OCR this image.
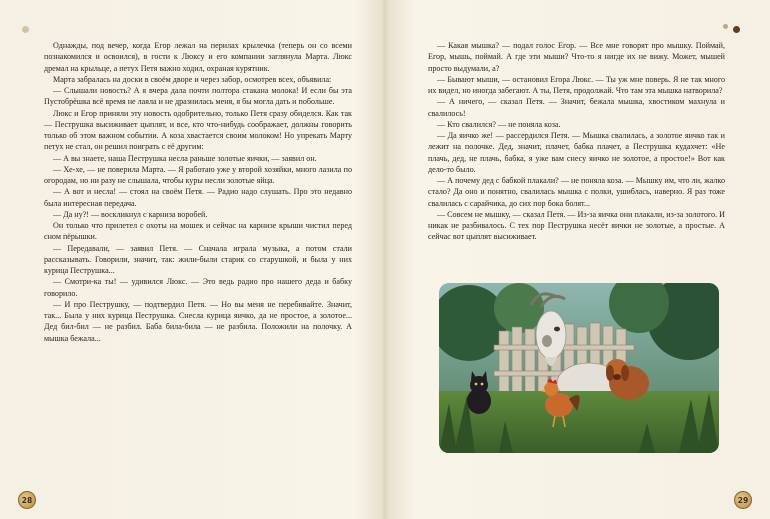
Однажды, под вечер, когда Егор лежал на перилах крылечка (теперь он со всеми познакомился и освоился), в гости к Люксу и его компании заглянула Марта. Люкс дремал на крыльце, а петух Петя важно ходил, охраная курятник.

Марта забралась на доски в своём дворе и через забор, осмотрев всех, объявила:

— Слышали новость? А я вчера дала почти полтора стакана молока! И если бы эта Пустобрёшка всё время не лаяла и не дразнилась меня, я бы могла дать и побольше.

Люкс и Егор приняли эту новость одобрительно, только Петя сразу обиделся. Как так — Пеструшка высиживает цыплят, и все, кто что-нибудь соображает, должны говорить только об этом важном событии. А коза хвастается своим молоком! Но упрекать Марту петух не стал, он решил поиграть с её другим:

— А вы знаете, наша Пеструшка несла раньше золотые яички, — заявил он.

— Хе-хе, — не поверила Марта. — Я работаю уже у второй хозяйки, много лазила по огородам, но ни разу не слышала, чтобы куры несли золотые яйца.

— А вот и несла! — стоял на своём Петя. — Радио надо слушать. Про это недавно была интересная передача.

— Да ну?! — воскликнул с карниза воробей.

Он только что прилетел с охоты на мошек и сейчас на карнизе крыши чистил перед сном пёрышки.

— Передавали, — заявил Петя. — Сначала играла музыка, а потом стали рассказывать. Говорили, значит, так: жили-были старик со старушкой, и была у них курица Пеструшка...

— Смотри-ка ты! — удивился Люкс. — Это ведь радио про нашего деда и бабку говорило.

— И про Пеструшку, — подтвердил Петя. — Но вы меня не перебивайте. Значит, так... Была у них курица Пеструшка. Снесла курица яичко, да не простое, а золотое... Дед бил-бил — не разбил. Баба била-била — не разбила. Положили на полочку. А мышка бежала...

28

— Какая мышка? — подал голос Егор. — Все мне говорят про мышку. Поймай, Егор, мышь, поймай. А где эти мыши? Что-то я нигде их не вижу. Может, мышей просто выдумали, а?

— Бывают мыши, — остановил Егора Люкс. — Ты уж мне поверь. Я не так много их видел, но иногда забегают. А ты, Петя, продолжай. Что там эта мышка натворила?

— А ничего, — сказал Петя. — Значит, бежала мышка, хвостиком махнула и свалилось!

— Кто свалился? — не поняла коза.

— Да яичко же! — рассердился Петя. — Мышка свалилась, а золотое яичко так и лежит на полочке. Дед, значит, плачет, бабка плачет, а Пеструшка кудахчет: «Не плачь, дед, не плачь, бабка, я уже вам снесу яичко не золотое, а простое!» Вот как дело-то было.

— А почему дед с бабкой плакали? — не поняла коза. — Мышку им, что ли, жалко стало? Да оно и понятно, свалилась мышка с полки, ушиблась, наверно. Я раз тоже свалилась с сарайчика, до сих пор бока болят...

— Совсем не мышку, — сказал Петя. — Из-за яичка они плакали, из-за золотого. И никак не разбивалось. С тех пор Пеструшка несёт яички не золотые, а простые. А сейчас вот цыплят высиживает.

29
